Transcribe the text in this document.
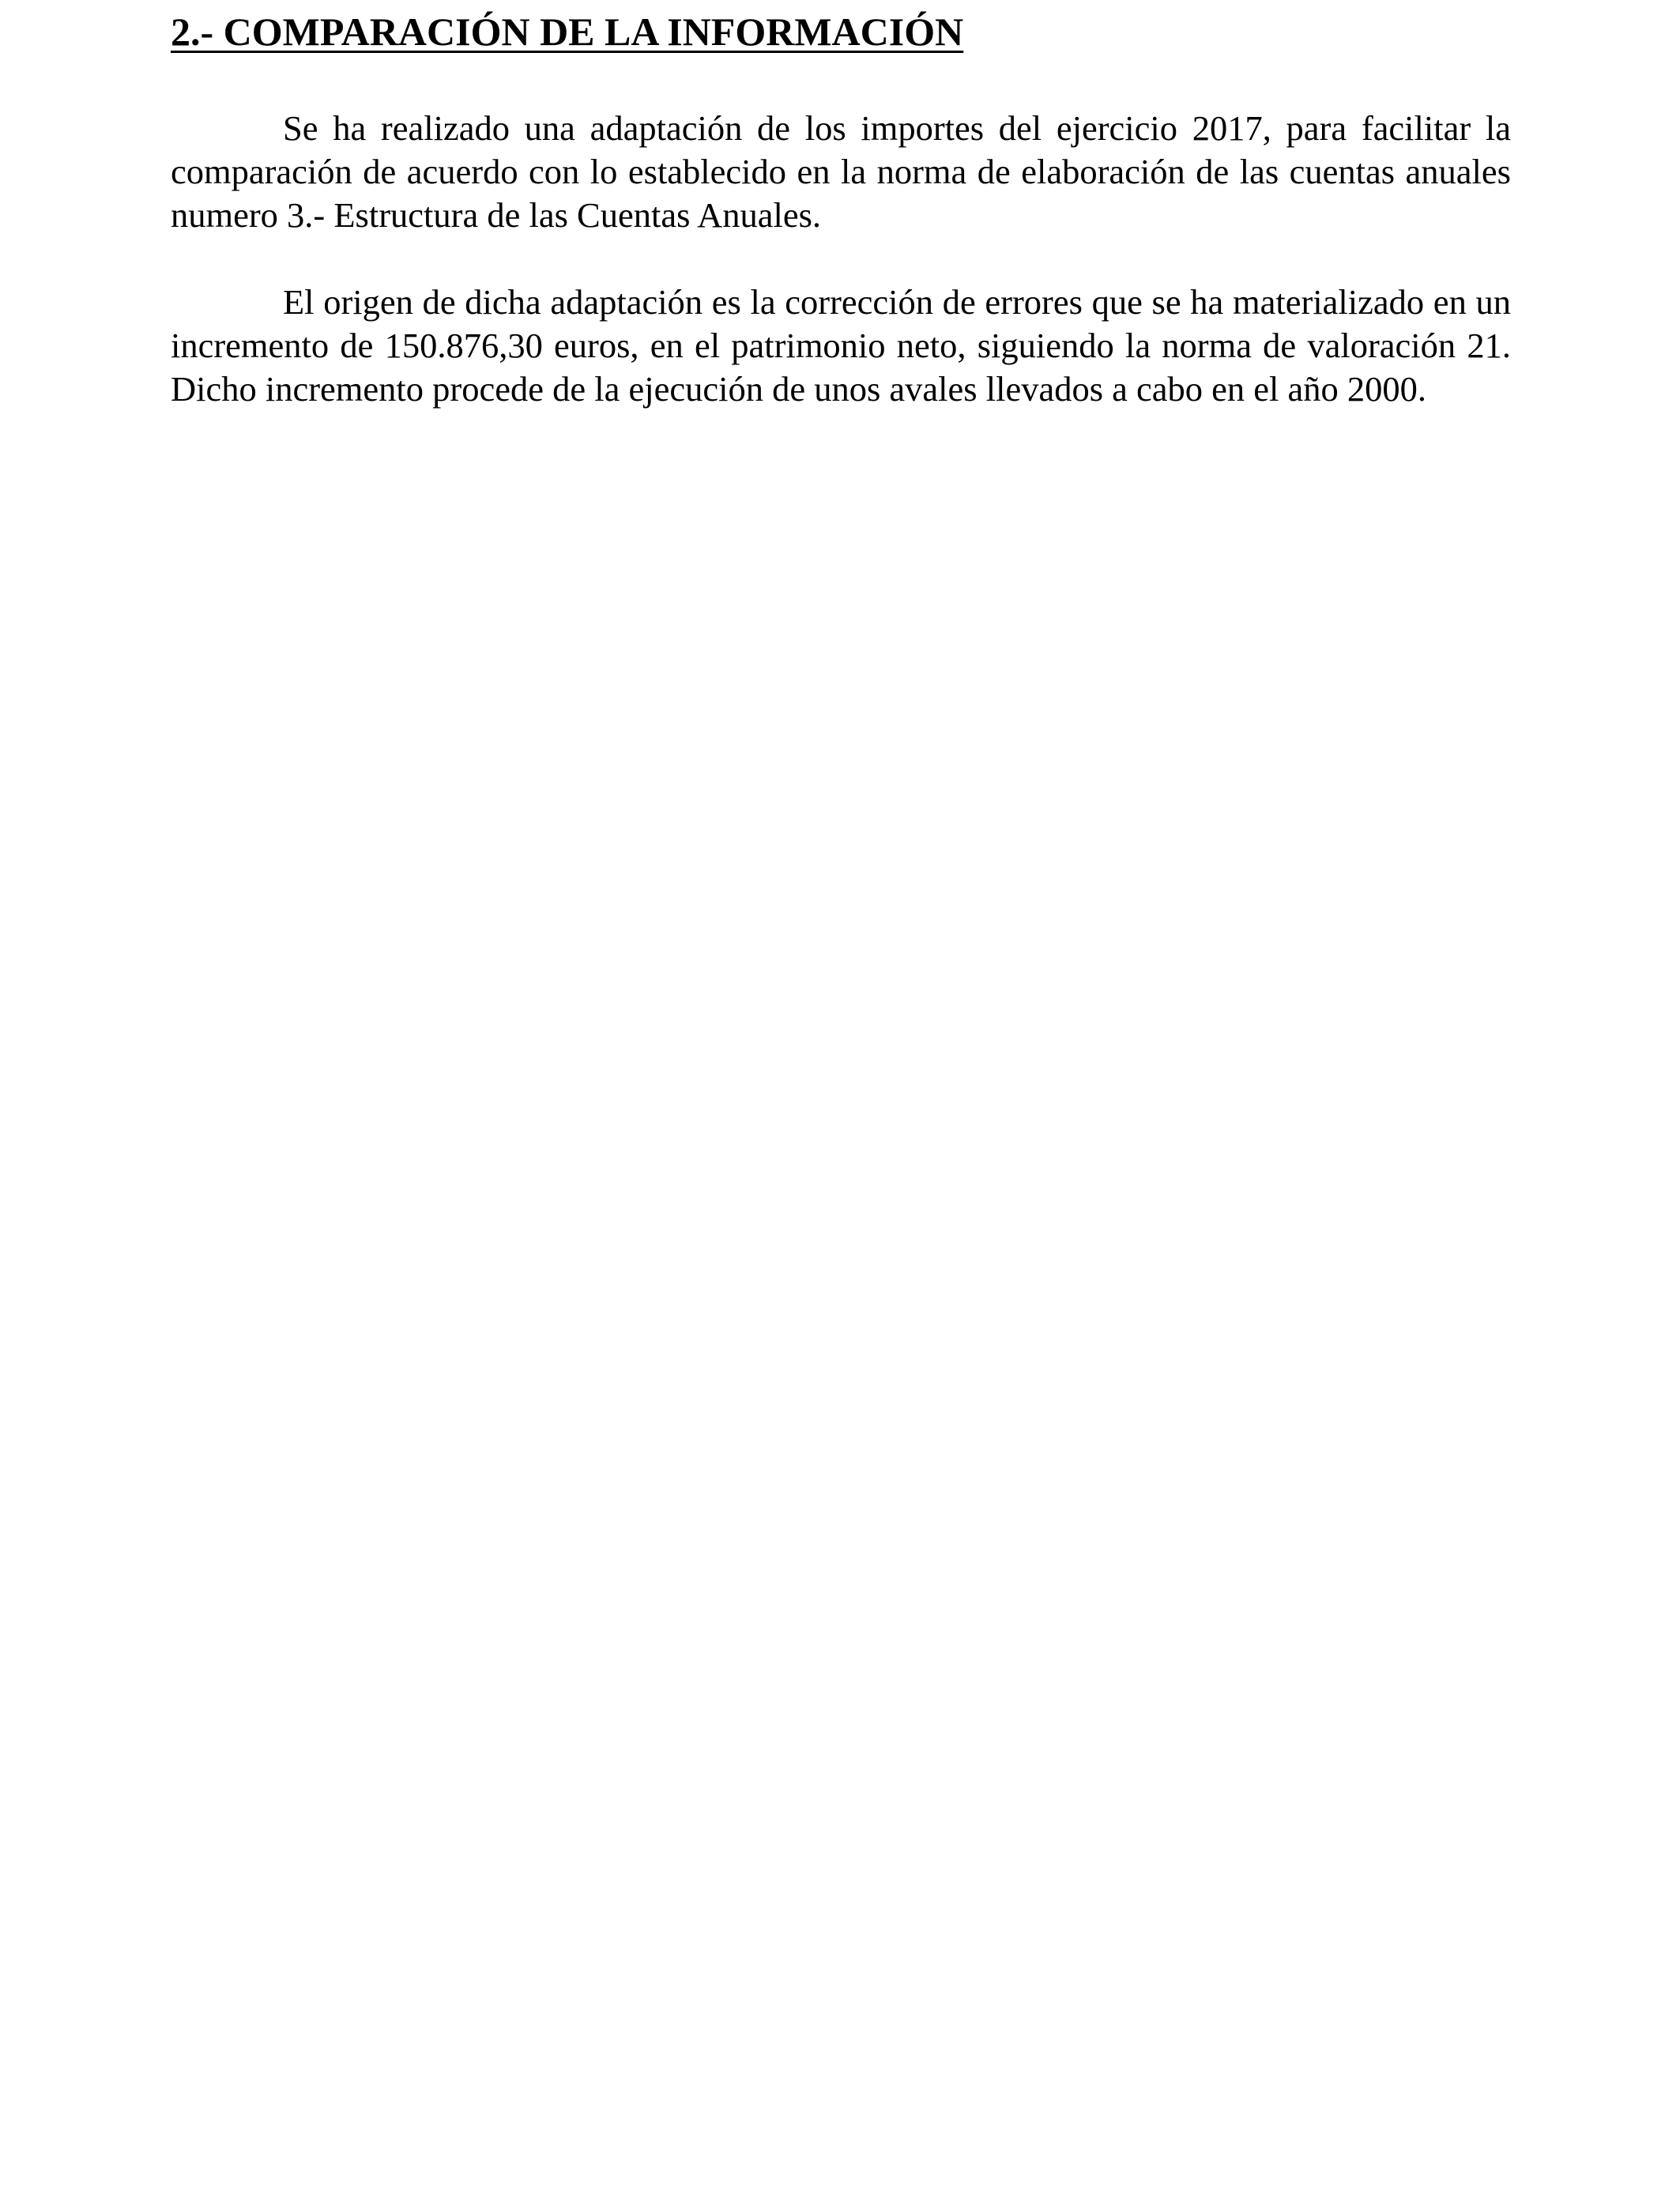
2.- COMPARACIÓN DE LA INFORMACIÓN

Se ha realizado una adaptación de los importes del ejercicio 2017, para facilitar la comparación de acuerdo con lo establecido en la norma de elaboración de las cuentas anuales numero 3.- Estructura de las Cuentas Anuales.

El origen de dicha adaptación es la corrección de errores que se ha materializado en un incremento de 150.876,30 euros, en el patrimonio neto, siguiendo la norma de valoración 21. Dicho incremento procede de la ejecución de unos avales llevados a cabo en el año 2000.
